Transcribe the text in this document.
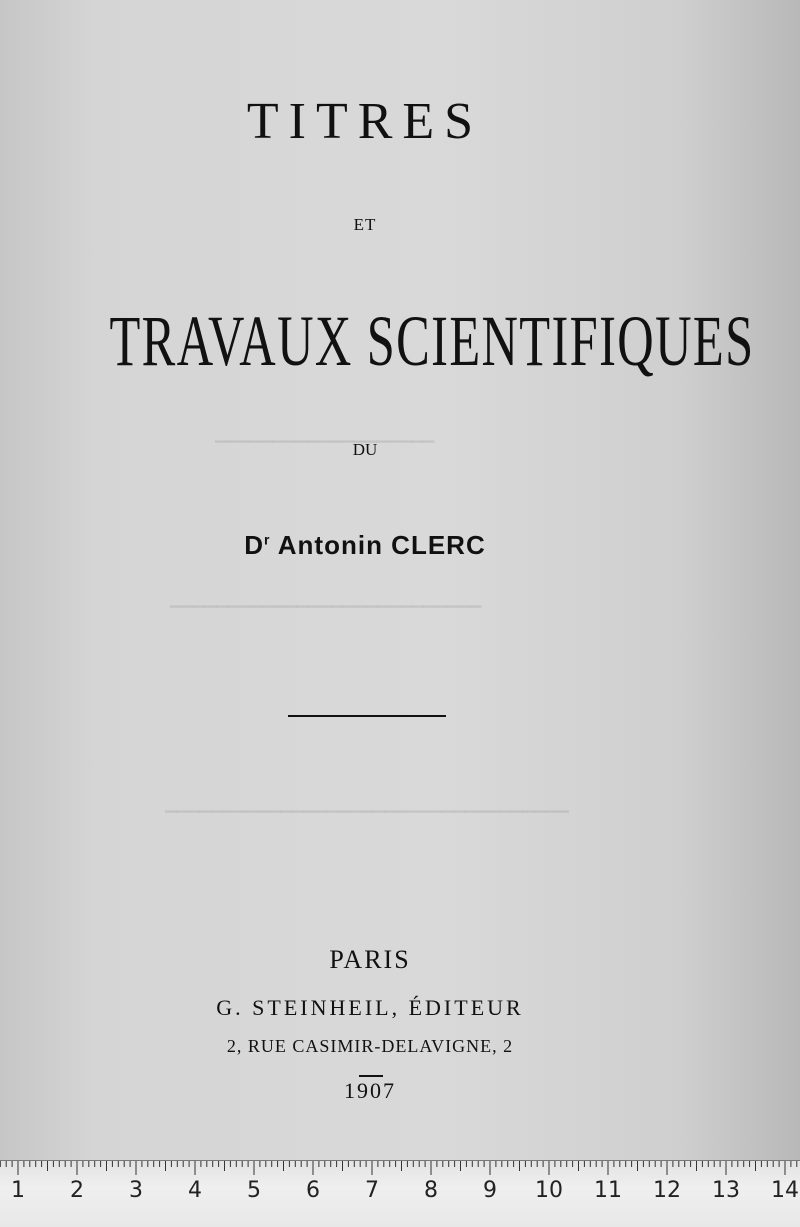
▁▁▁▁▁▁▁▁▁▁▁▁▁▁▁▁▁▁▁
▁▁▁▁▁▁▁▁▁▁▁▁▁▁▁▁▁▁▁▁▁▁▁▁▁▁▁
▁▁▁▁▁▁▁▁▁▁▁▁▁▁▁▁▁▁▁▁▁▁▁▁▁▁▁▁▁▁▁▁▁▁▁
TITRES
ET
TRAVAUX SCIENTIFIQUES
DU
$D^r$ Antonin CLERC
PARIS
G. STEINHEIL, ÉDITEUR
2, RUE CASIMIR-DELAVIGNE, 2
1907
1 2 3 4 5 6 7 8 9 10 11 12 13 14
